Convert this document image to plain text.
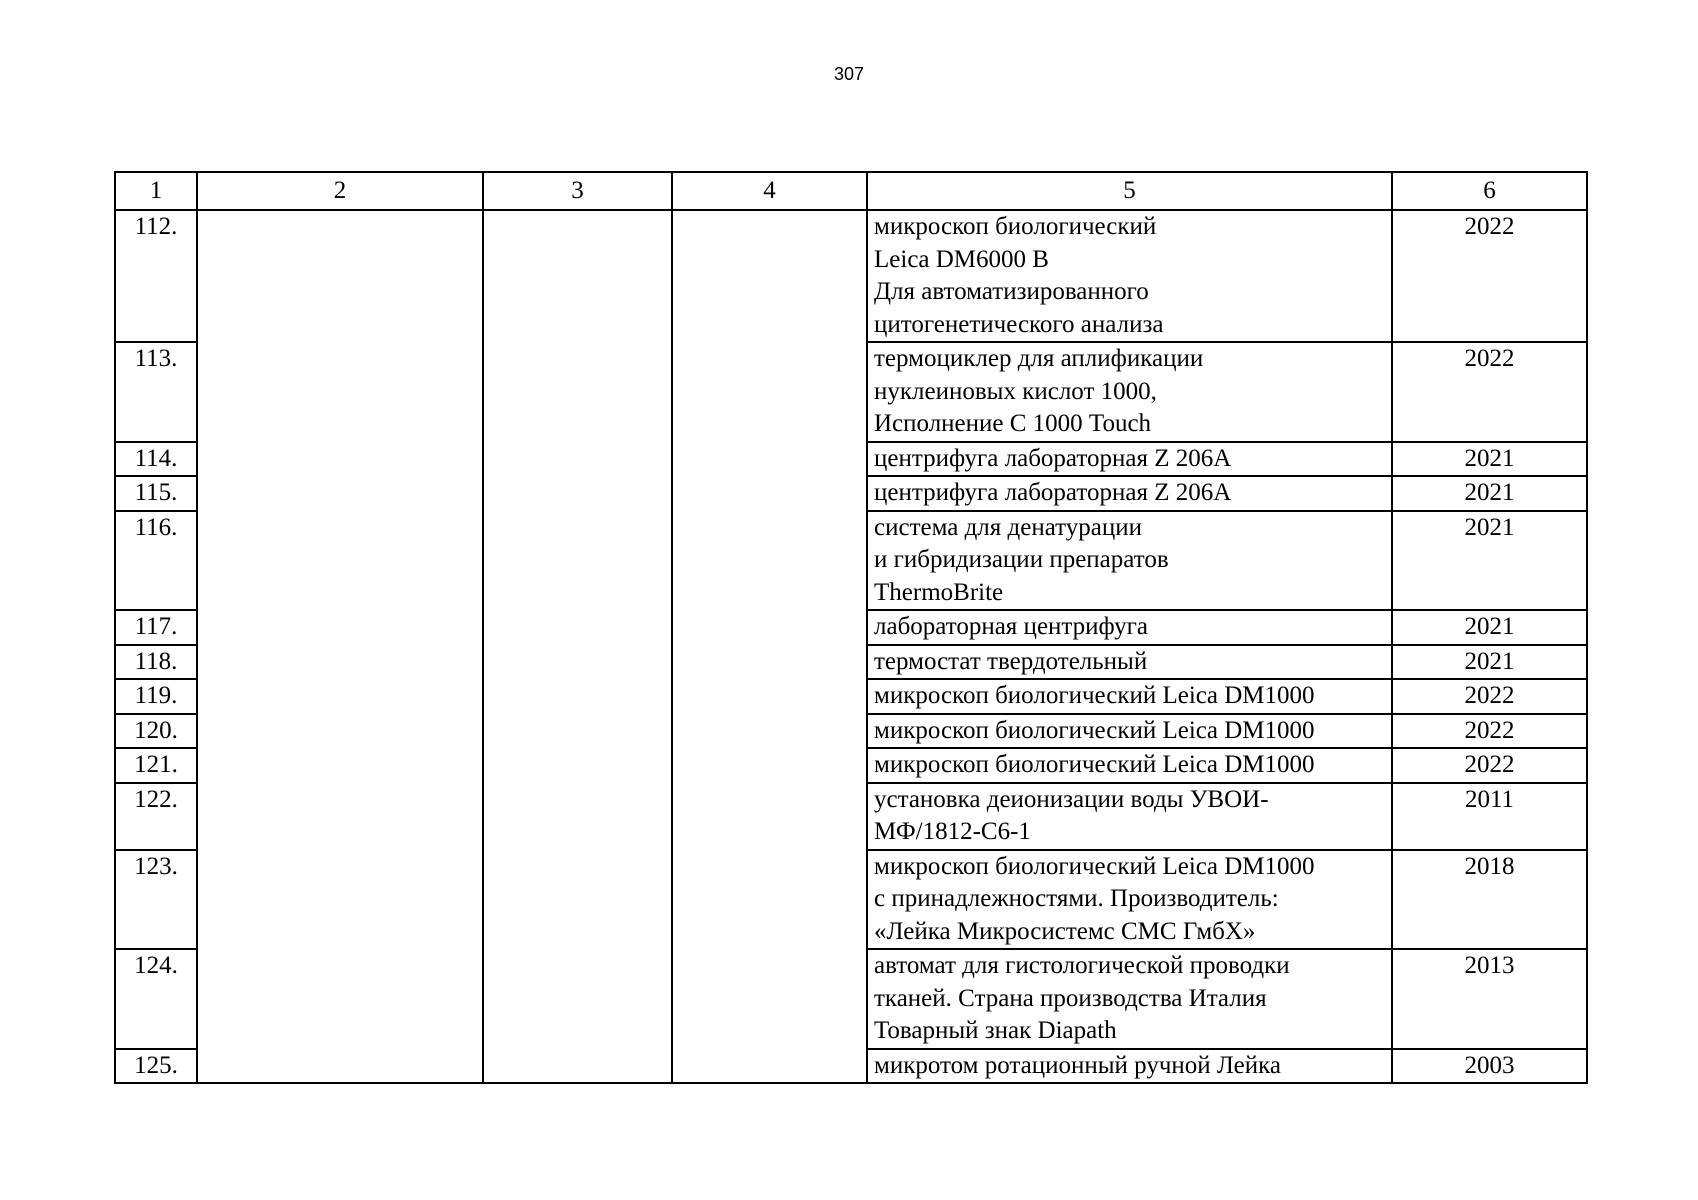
307
1	2	3	4	5	6
112.				микроскоп биологический
Leica DM6000 B
Для автоматизированного
цитогенетического анализа	2022
113.				термоциклер для аплификации
нуклеиновых кислот 1000,
Исполнение С 1000 Touch	2022
114.				центрифуга лабораторная Z 206A	2021
115.				центрифуга лабораторная Z 206A	2021
116.				система для денатурации
и гибридизации препаратов
ThermoBrite	2021
117.				лабораторная центрифуга	2021
118.				термостат твердотельный	2021
119.				микроскоп биологический Leica DM1000	2022
120.				микроскоп биологический Leica DM1000	2022
121.				микроскоп биологический Leica DM1000	2022
122.				установка деионизации воды УВОИ-
МФ/1812-С6-1	2011
123.				микроскоп биологический Leica DM1000
с принадлежностями. Производитель:
«Лейка Микросистемс СМС ГмбХ»	2018
124.				автомат для гистологической проводки
тканей. Страна производства Италия
Товарный знак Diapath	2013
125.				микротом ротационный ручной Лейка	2003
